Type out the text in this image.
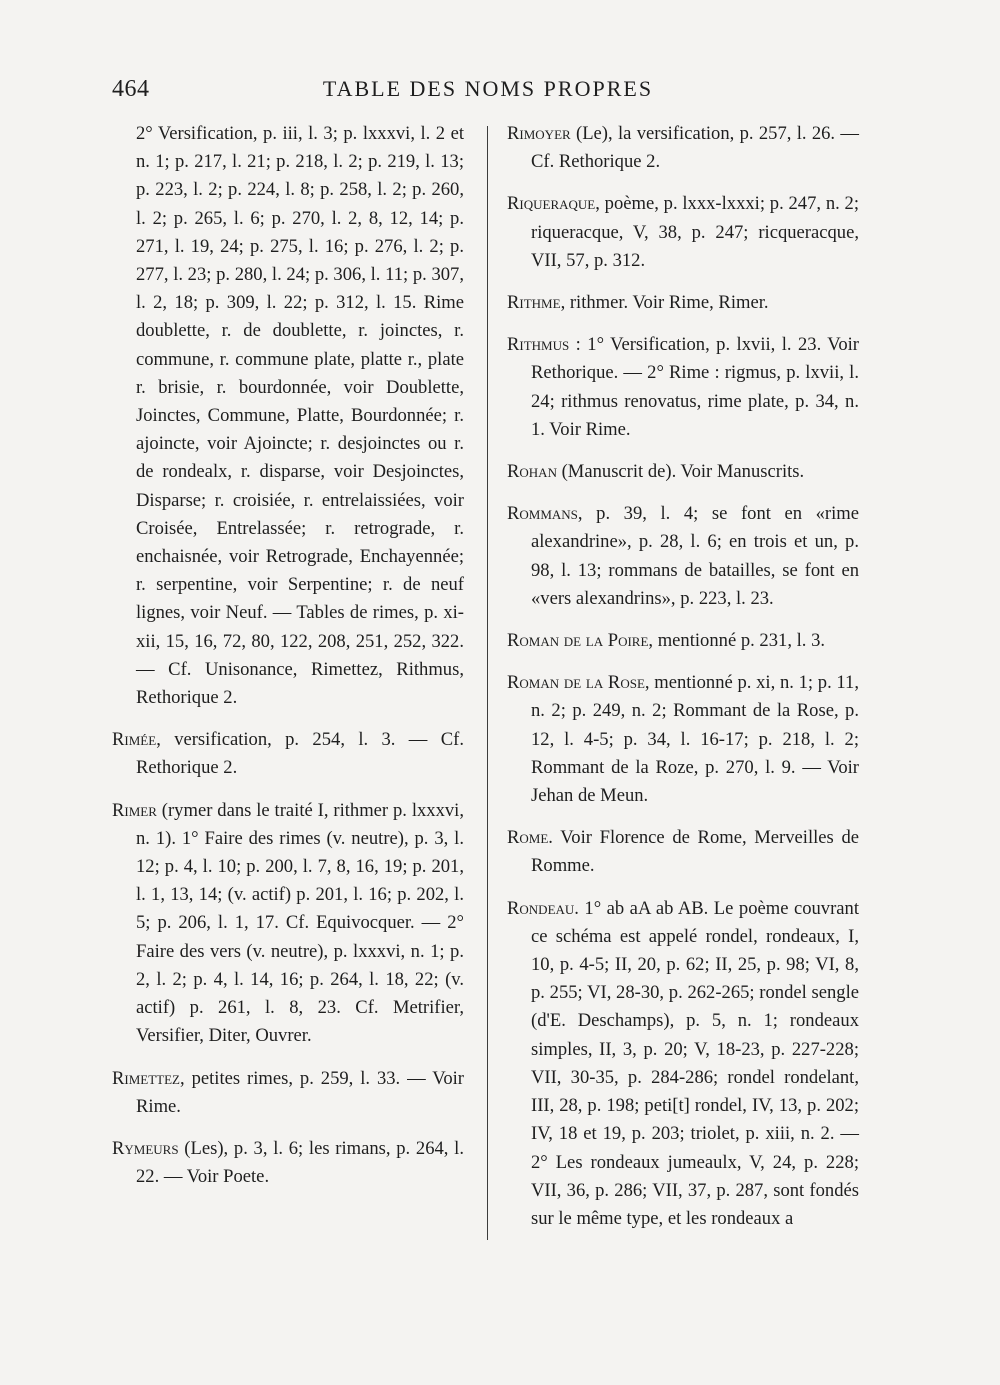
464	TABLE DES NOMS PROPRES

2° Versification, p. iii, l. 3; p. lxxxvi, l. 2 et n. 1; p. 217, l. 21; p. 218, l. 2; p. 219, l. 13; p. 223, l. 2; p. 224, l. 8; p. 258, l. 2; p. 260, l. 2; p. 265, l. 6; p. 270, l. 2, 8, 12, 14; p. 271, l. 19, 24; p. 275, l. 16; p. 276, l. 2; p. 277, l. 23; p. 280, l. 24; p. 306, l. 11; p. 307, l. 2, 18; p. 309, l. 22; p. 312, l. 15. Rime doublette, r. de doublette, r. joinctes, r. commune, r. commune plate, platte r., plate r. brisie, r. bourdonnée, voir Doublette, Joinctes, Commune, Platte, Bourdonnée; r. ajoincte, voir Ajoincte; r. desjoinctes ou r. de rondealx, r. disparse, voir Desjoinctes, Disparse; r. croisiée, r. entrelaissiées, voir Croisée, Entrelassée; r. retrograde, r. enchaisnée, voir Retrograde, Enchayennée; r. serpentine, voir Serpentine; r. de neuf lignes, voir Neuf. — Tables de rimes, p. xi-xii, 15, 16, 72, 80, 122, 208, 251, 252, 322. — Cf. Unisonance, Rimettez, Rithmus, Rethorique 2.

Rimée, versification, p. 254, l. 3. — Cf. Rethorique 2.

Rimer (rymer dans le traité I, rithmer p. lxxxvi, n. 1). 1° Faire des rimes (v. neutre), p. 3, l. 12; p. 4, l. 10; p. 200, l. 7, 8, 16, 19; p. 201, l. 1, 13, 14; (v. actif) p. 201, l. 16; p. 202, l. 5; p. 206, l. 1, 17. Cf. Equivocquer. — 2° Faire des vers (v. neutre), p. lxxxvi, n. 1; p. 2, l. 2; p. 4, l. 14, 16; p. 264, l. 18, 22; (v. actif) p. 261, l. 8, 23. Cf. Metrifier, Versifier, Diter, Ouvrer.

Rimettez, petites rimes, p. 259, l. 33. — Voir Rime.

Rymeurs (Les), p. 3, l. 6; les rimans, p. 264, l. 22. — Voir Poete.

Rimoyer (Le), la versification, p. 257, l. 26. — Cf. Rethorique 2.

Riqueraque, poème, p. lxxx-lxxxi; p. 247, n. 2; riqueracque, V, 38, p. 247; ricqueracque, VII, 57, p. 312.

Rithme, rithmer. Voir Rime, Rimer.

Rithmus : 1° Versification, p. lxvii, l. 23. Voir Rethorique. — 2° Rime : rigmus, p. lxvii, l. 24; rithmus renovatus, rime plate, p. 34, n. 1. Voir Rime.

Rohan (Manuscrit de). Voir Manuscrits.

Rommans, p. 39, l. 4; se font en «rime alexandrine», p. 28, l. 6; en trois et un, p. 98, l. 13; rommans de batailles, se font en «vers alexandrins», p. 223, l. 23.

Roman de la Poire, mentionné p. 231, l. 3.

Roman de la Rose, mentionné p. xi, n. 1; p. 11, n. 2; p. 249, n. 2; Rommant de la Rose, p. 12, l. 4-5; p. 34, l. 16-17; p. 218, l. 2; Rommant de la Roze, p. 270, l. 9. — Voir Jehan de Meun.

Rome. Voir Florence de Rome, Merveilles de Romme.

Rondeau. 1° ab aA ab AB. Le poème couvrant ce schéma est appelé rondel, rondeaux, I, 10, p. 4-5; II, 20, p. 62; II, 25, p. 98; VI, 8, p. 255; VI, 28-30, p. 262-265; rondel sengle (d'E. Deschamps), p. 5, n. 1; rondeaux simples, II, 3, p. 20; V, 18-23, p. 227-228; VII, 30-35, p. 284-286; rondel rondelant, III, 28, p. 198; peti[t] rondel, IV, 13, p. 202; IV, 18 et 19, p. 203; triolet, p. xiii, n. 2. — 2° Les rondeaux jumeaulx, V, 24, p. 228; VII, 36, p. 286; VII, 37, p. 287, sont fondés sur le même type, et les rondeaux a
